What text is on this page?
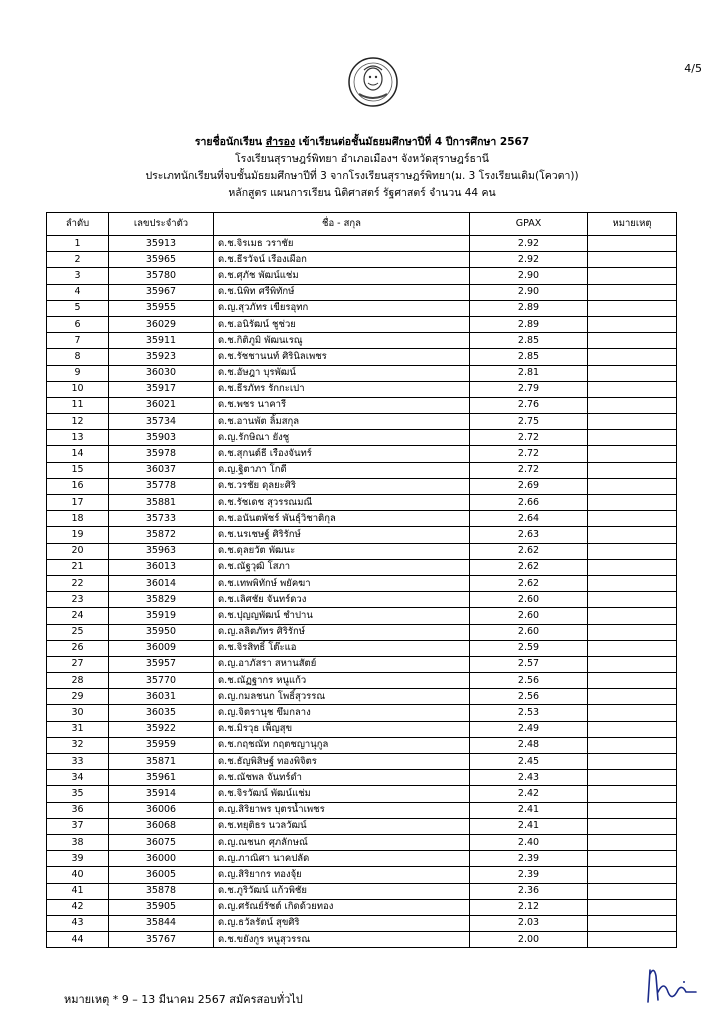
4/5
รายชื่อนักเรียน สำรอง เข้าเรียนต่อชั้นมัธยมศึกษาปีที่ 4 ปีการศึกษา 2567
โรงเรียนสุราษฎร์พิทยา อำเภอเมืองฯ จังหวัดสุราษฎร์ธานี
ประเภทนักเรียนที่จบชั้นมัธยมศึกษาปีที่ 3 จากโรงเรียนสุราษฎร์พิทยา(ม. 3 โรงเรียนเดิม(โควตา))
หลักสูตร แผนการเรียน นิติศาสตร์ รัฐศาสตร์ จำนวน 44 คน
ลำดับ	เลขประจำตัว	ชื่อ - สกุล	GPAX	หมายเหตุ
1	35913	ด.ช.จิรเมธ วราชัย	2.92	
2	35965	ด.ช.ธีรวัจน์ เรืองเผือก	2.92	
3	35780	ด.ช.ศุภัช พัฒน์แช่ม	2.90	
4	35967	ด.ช.นิพิท ศรีพิทักษ์	2.90	
5	35955	ด.ญ.สุวภัทร เขียรอุทก	2.89	
6	36029	ด.ช.อนิรัฒน์ ชูช่วย	2.89	
7	35911	ด.ช.กิติภูมิ พัฒนเรณู	2.85	
8	35923	ด.ช.รัชชานนท์ ศิรินิลเพชร	2.85	
9	36030	ด.ช.อัษฎา บุรพัฒน์	2.81	
10	35917	ด.ช.ธีรภัทร รักกะเปา	2.79	
11	36021	ด.ช.พชร นาคารี	2.76	
12	35734	ด.ช.อานพัต ลิ้มสกุล	2.75	
13	35903	ด.ญ.รักษิณา ยังชู	2.72	
14	35978	ด.ช.สุกนต์ธี เรืองจันทร์	2.72	
15	36037	ด.ญ.ฐิตาภา โกดี	2.72	
16	35778	ด.ช.วรชัย ดุลยะศิริ	2.69	
17	35881	ด.ช.รัชเดช สุวรรณมณี	2.66	
18	35733	ด.ช.อนันตพัชร์ พันธุ์วิชาติกุล	2.64	
19	35872	ด.ช.นรเชษฐ์ ศิริรักษ์	2.63	
20	35963	ด.ช.ดุลยวัต พัฒนะ	2.62	
21	36013	ด.ช.ณัฐวุฒิ โสภา	2.62	
22	36014	ด.ช.เทพพิทักษ์ พยัคฆา	2.62	
23	35829	ด.ช.เลิศชัย จันทร์ดวง	2.60	
24	35919	ด.ช.ปุญญพัฒน์ ชำปาน	2.60	
25	35950	ด.ญ.ลลิตภัทร ศิริรักษ์	2.60	
26	36009	ด.ช.จิรสิทธิ์ โต๊ะแอ	2.59	
27	35957	ด.ญ.อาภัสรา สหานสัตย์	2.57	
28	35770	ด.ช.ณัฏฐากร หนูแก้ว	2.56	
29	36031	ด.ญ.กมลชนก โพธิ์สุวรรณ	2.56	
30	36035	ด.ญ.จิตรานุช ขึมกลาง	2.53	
31	35922	ด.ช.มิรวุธ เพ็ญสุข	2.49	
32	35959	ด.ช.กฤชณัท กฤตชญานุกูล	2.48	
33	35871	ด.ช.ธัญพิสิษฐ์ ทองพิจิตร	2.45	
34	35961	ด.ช.ณัชพล จันทร์ดำ	2.43	
35	35914	ด.ช.จิรวัฒน์ พัฒน์แช่ม	2.42	
36	36006	ด.ญ.สิริยาพร บุตรน้ำเพชร	2.41	
37	36068	ด.ช.ทยุติธร นวลวัฒน์	2.41	
38	36075	ด.ญ.ณชนก ศุภลักษณ์	2.40	
39	36000	ด.ญ.ภาณิศา นาคปลัด	2.39	
40	36005	ด.ญ.สิริยากร ทองจุ้ย	2.39	
41	35878	ด.ช.ภูริวัฒน์ แก้วพิชัย	2.36	
42	35905	ด.ญ.ศรัณย์รัชต์ เกิดด้วยทอง	2.12	
43	35844	ด.ญ.ธวัลรัตน์ สุขศิริ	2.03	
44	35767	ด.ช.ขยังกูร หนูสุวรรณ	2.00	
หมายเหตุ * 9 – 13 มีนาคม 2567 สมัครสอบทั่วไป
